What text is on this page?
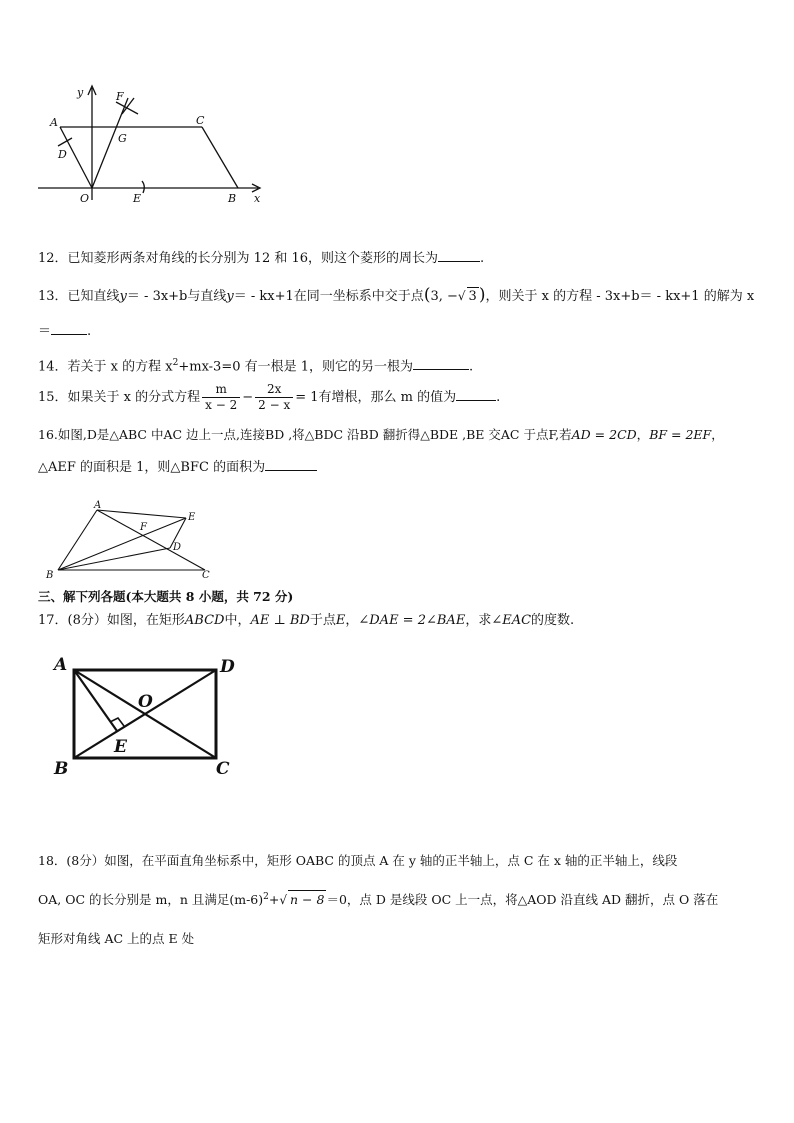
y
x
F
A
G
C
D
O	E	B
12．已知菱形两条对角线的长分别为 12 和 16，则这个菱形的周长为	.
13．已知直线y＝ - 3x+b与直线y＝ - kx+1在同一坐标系中交于点(3, −√ 3 )，则关于 x 的方程 - 3x+b＝ - kx+1 的解为 x
＝	.
14．若关于 x 的方程 $x^2+mx-3=0$ 有一根是 1，则它的另一根为	.
15．如果关于 x 的分式方程 $\frac{m}{x - 2} - \frac{2x}{2 - x} = 1$有增根，那么 m 的值为	.
16.如图,D是△ABC 中AC 边上一点,连接BD ,将△BDC 沿BD 翻折得△BDE ,BE 交AC 于点F,若AD = 2CD，BF = 2EF，
△AEF 的面积是 1，则△BFC 的面积为
A
E
F
D
B	C
三、解下列各题(本大题共 8 小题，共 72 分)
17．(8分）如图，在矩形ABCD中，AE ⊥ BD于点E，∠DAE = 2∠BAE，求∠EAC的度数.
A	D
O
E
B	C
18．(8分）如图，在平面直角坐标系中，矩形 OABC 的顶点 A 在 y 轴的正半轴上，点 C 在 x 轴的正半轴上，线段
OA, OC 的长分别是 m，n 且满足$(m-6)^2+√$ n − 8 ＝0，点 D 是线段 OC 上一点，将△AOD 沿直线 AD 翻折，点 O 落在
矩形对角线 AC 上的点 E 处
